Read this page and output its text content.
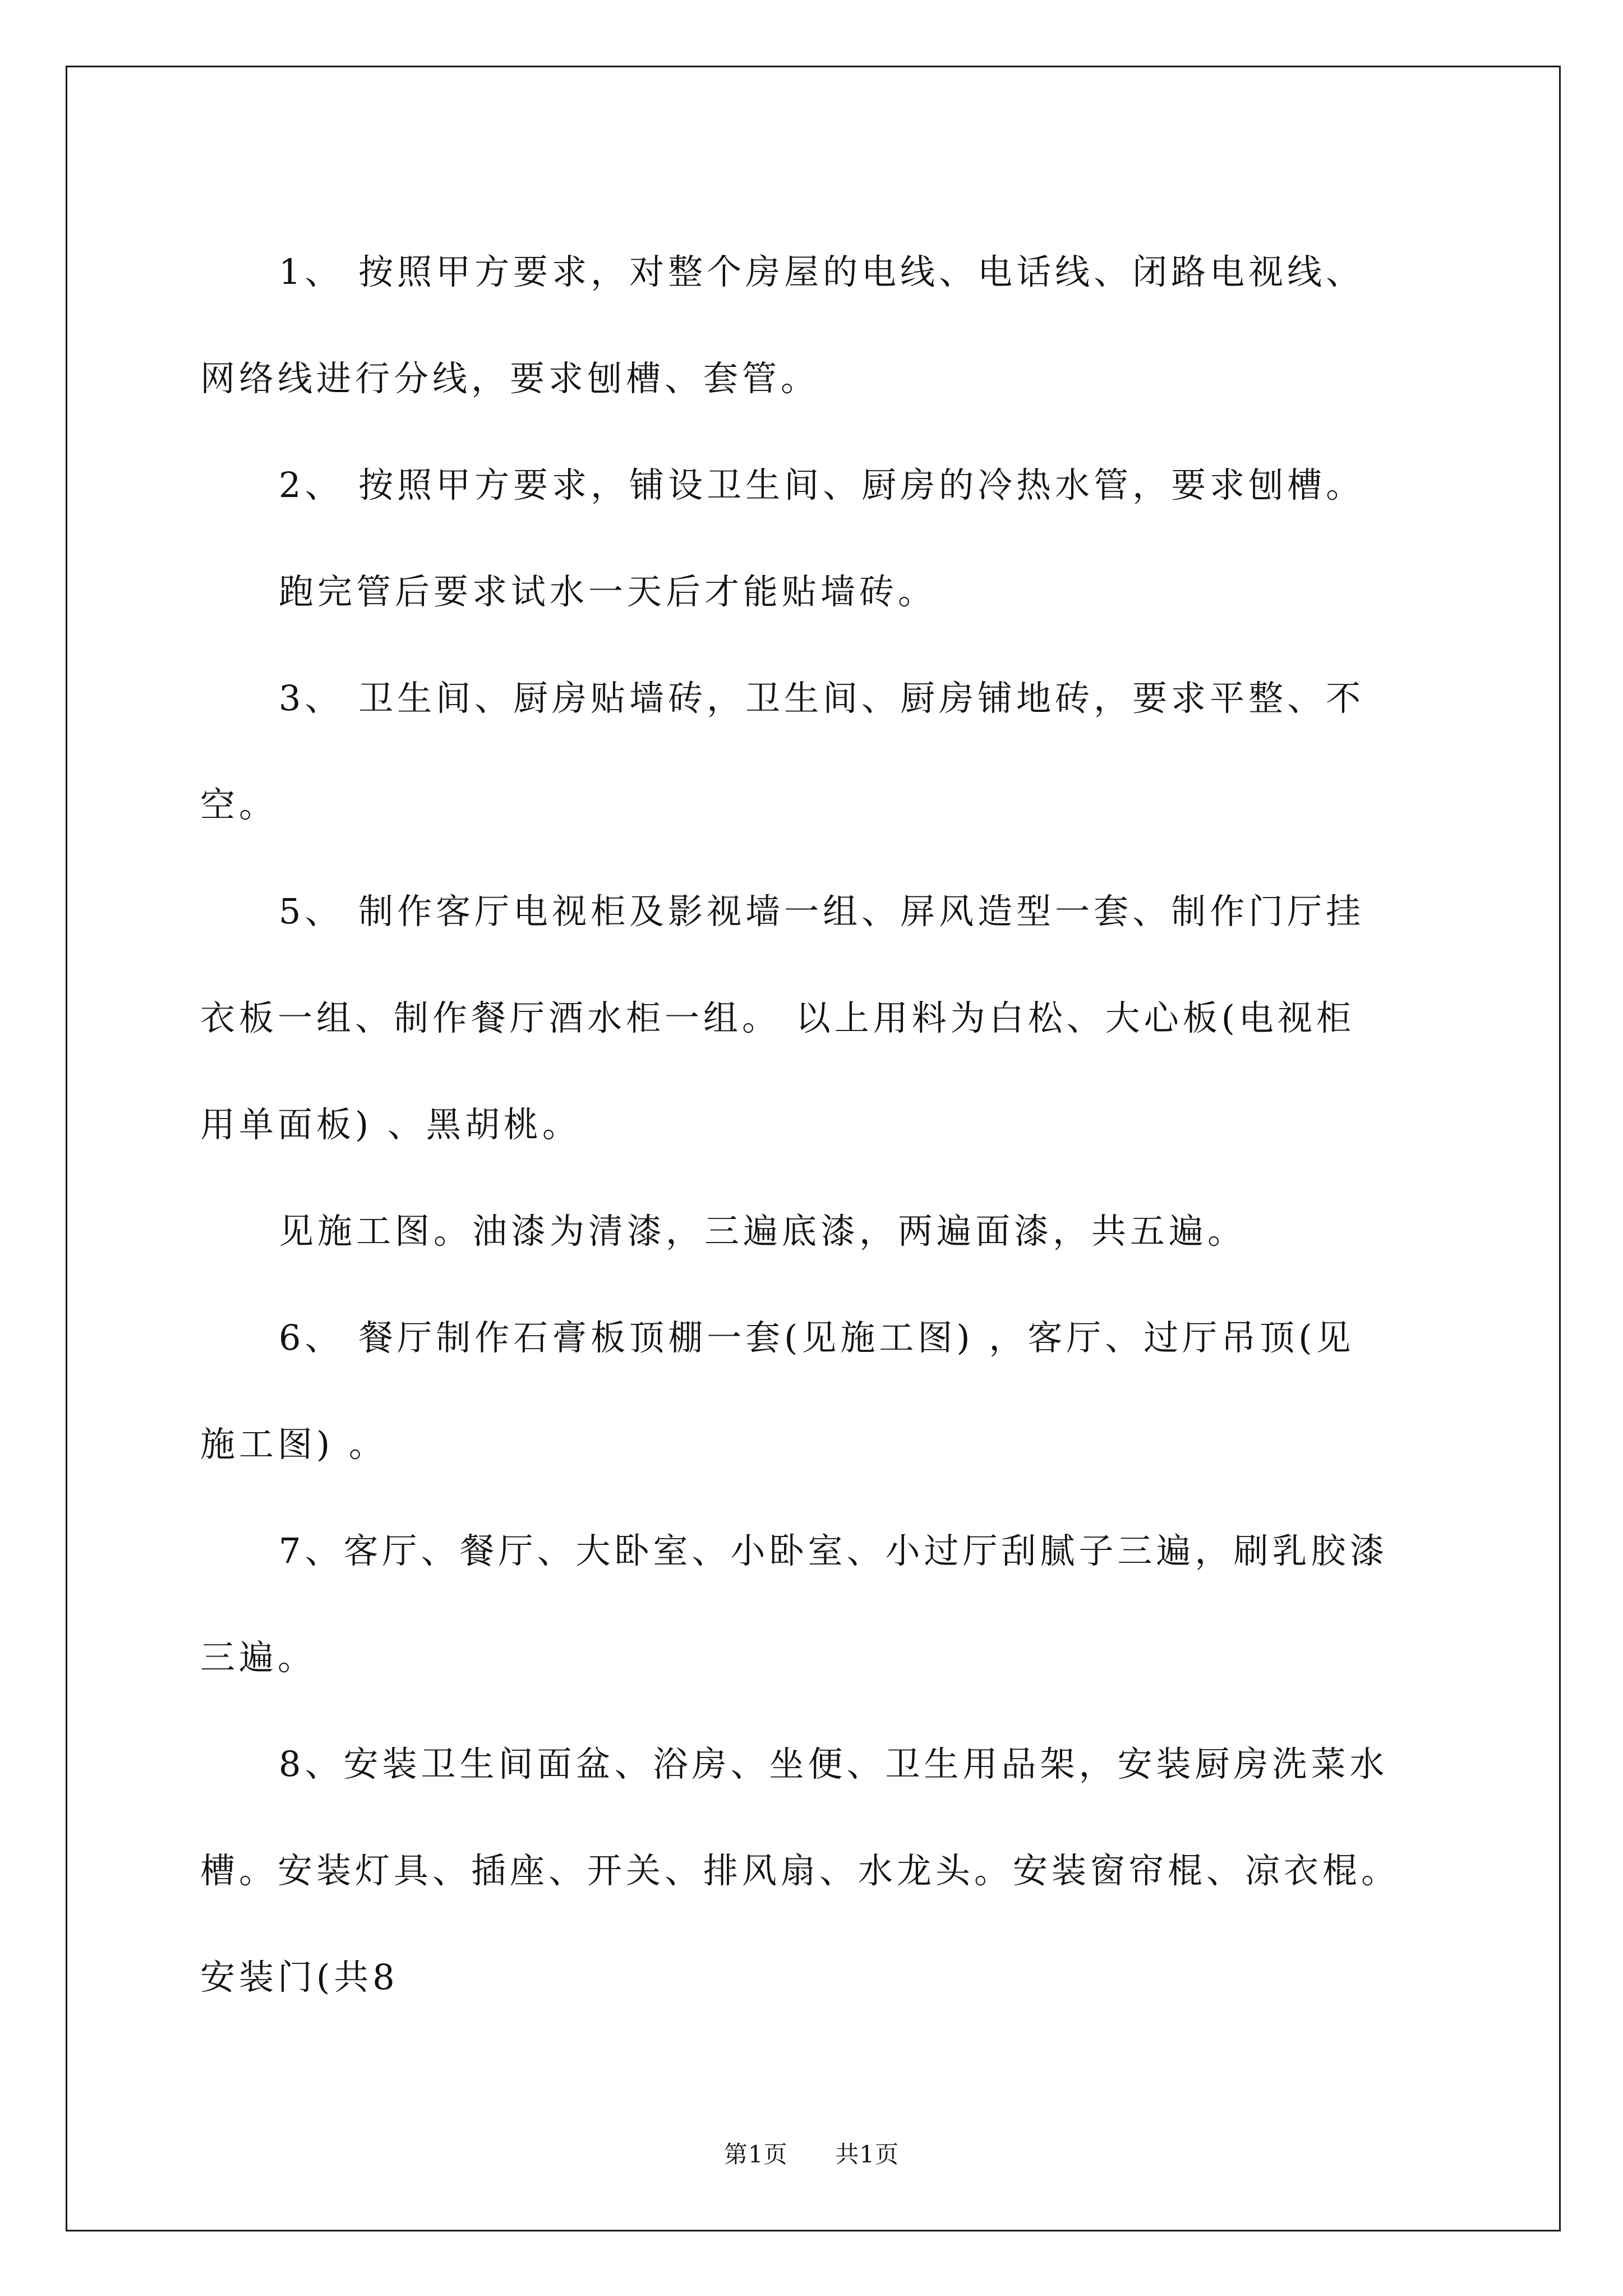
1、 按照甲方要求，对整个房屋的电线、电话线、闭路电视线、

网络线进行分线，要求刨槽、套管。

2、 按照甲方要求，铺设卫生间、厨房的冷热水管，要求刨槽。

跑完管后要求试水一天后才能贴墙砖。

3、 卫生间、厨房贴墙砖，卫生间、厨房铺地砖，要求平整、不

空。

5、 制作客厅电视柜及影视墙一组、屏风造型一套、制作门厅挂

衣板一组、制作餐厅酒水柜一组。 以上用料为白松、大心板(电视柜

用单面板) 、黑胡桃。

见施工图。油漆为清漆，三遍底漆，两遍面漆，共五遍。

6、 餐厅制作石膏板顶棚一套(见施工图) ，客厅、过厅吊顶(见

施工图) 。

7、客厅、餐厅、大卧室、小卧室、小过厅刮腻子三遍，刷乳胶漆

三遍。

8、安装卫生间面盆、浴房、坐便、卫生用品架，安装厨房洗菜水

槽。安装灯具、插座、开关、排风扇、水龙头。安装窗帘棍、凉衣棍。

安装门(共8

第1页 共1页
